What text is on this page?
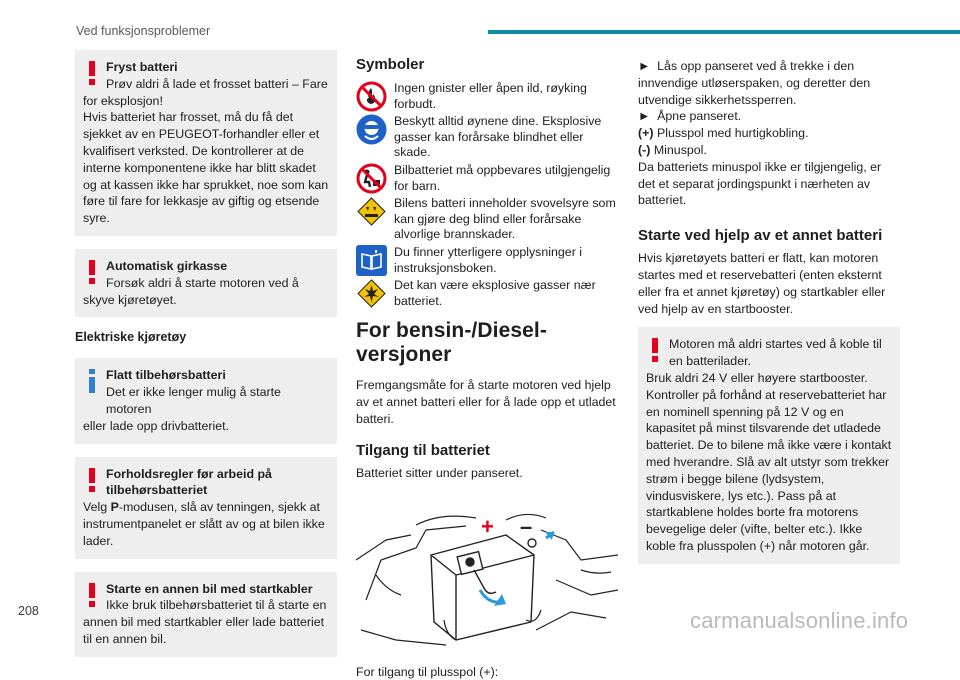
Ved funksjonsproblemer
Fryst batteri
Prøv aldri å lade et frosset batteri – Fare
for eksplosjon!
Hvis batteriet har frosset, må du få det sjekket av en PEUGEOT-forhandler eller et kvalifisert verksted. De kontrollerer at de interne komponentene ikke har blitt skadet og at kassen ikke har sprukket, noe som kan føre til fare for lekkasje av giftig og etsende syre.
Automatisk girkasse
Forsøk aldri å starte motoren ved å
skyve kjøretøyet.
Elektriske kjøretøy
Flatt tilbehørsbatteri
Det er ikke lenger mulig å starte motoren
eller lade opp drivbatteriet.
Forholdsregler før arbeid på
tilbehørsbatteriet
Velg P-modusen, slå av tenningen, sjekk at instrumentpanelet er slått av og at bilen ikke lader.
Starte en annen bil med startkabler
Ikke bruk tilbehørsbatteriet til å starte en
annen bil med startkabler eller lade batteriet til en annen bil.
Symboler
Ingen gnister eller åpen ild, røyking forbudt.
Beskytt alltid øynene dine. Eksplosive gasser kan forårsake blindhet eller skade.
Bilbatteriet må oppbevares utilgjengelig for barn.
Bilens batteri inneholder svovelsyre som kan gjøre deg blind eller forårsake alvorlige brannskader.
Du finner ytterligere opplysninger i instruksjonsboken.
Det kan være eksplosive gasser nær batteriet.
For bensin-/Diesel-versjoner
Fremgangsmåte for å starte motoren ved hjelp av et annet batteri eller for å lade opp et utladet batteri.
Tilgang til batteriet
Batteriet sitter under panseret.
+ –
For tilgang til plusspol (+):
► Lås opp panseret ved å trekke i den innvendige utløserspaken, og deretter den utvendige sikkerhetssperren.
► Åpne panseret.
(+) Plusspol med hurtigkobling.
(-) Minuspol.
Da batteriets minuspol ikke er tilgjengelig, er det et separat jordingspunkt i nærheten av batteriet.
Starte ved hjelp av et annet batteri
Hvis kjøretøyets batteri er flatt, kan motoren startes med et reservebatteri (enten eksternt eller fra et annet kjøretøy) og startkabler eller ved hjelp av en startbooster.
Motoren må aldri startes ved å koble til
en batterilader.
Bruk aldri 24 V eller høyere startbooster. Kontroller på forhånd at reservebatteriet har en nominell spenning på 12 V og en kapasitet på minst tilsvarende det utladede batteriet. De to bilene må ikke være i kontakt med hverandre. Slå av alt utstyr som trekker strøm i begge bilene (lydsystem, vindusviskere, lys etc.). Pass på at startkablene holdes borte fra motorens bevegelige deler (vifte, belter etc.). Ikke koble fra plusspolen (+) når motoren går.
208	carmanualsonline.info
